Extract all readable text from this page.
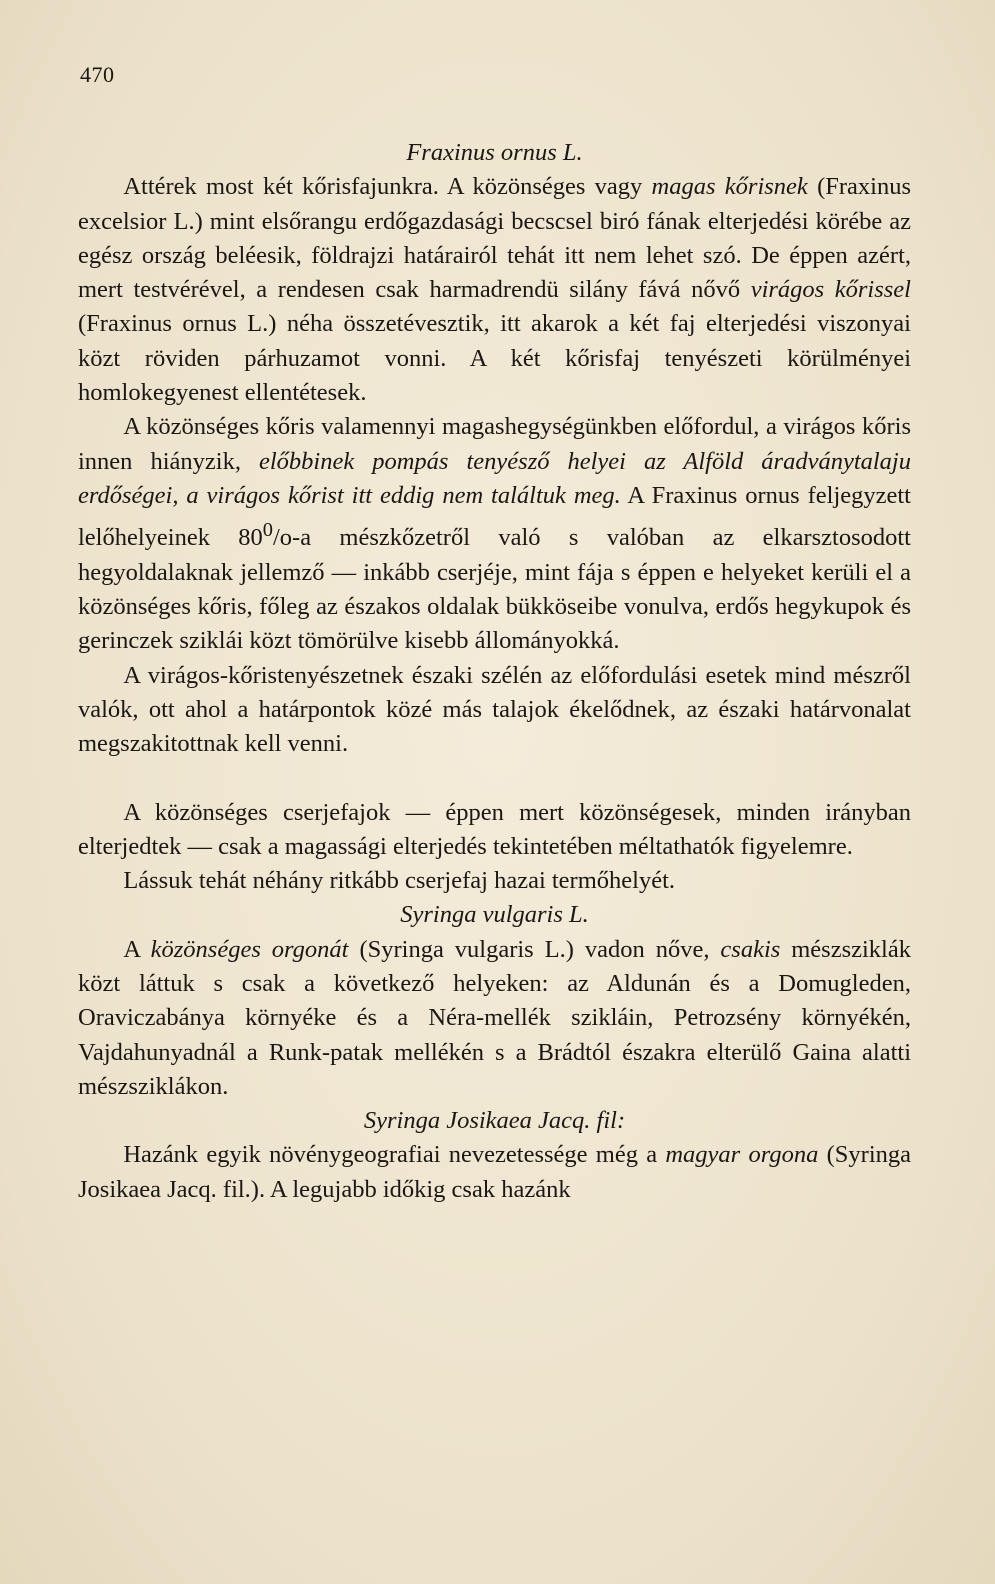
470
Fraxinus ornus L.

Attérek most két kőrisfajunkra. A közönséges vagy magas kőrisnek (Fraxinus excelsior L.) mint elsőrangu erdőgazdasági becscsel biró fának elterjedési körébe az egész ország beléesik, földrajzi határairól tehát itt nem lehet szó. De éppen azért, mert testvérével, a rendesen csak harmadrendü silány fává nővő virágos kőrissel (Fraxinus ornus L.) néha összetévesztik, itt akarok a két faj elterjedési viszonyai közt röviden párhuzamot vonni. A két kőrisfaj tenyészeti körülményei homlokegyenest ellentétesek.

A közönséges kőris valamennyi magashegységünkben előfordul, a virágos kőris innen hiányzik, előbbinek pompás tenyésző helyei az Alföld áradványtalaju erdőségei, a virágos kőrist itt eddig nem találtuk meg. A Fraxinus ornus feljegyzett lelőhelyeinek $80^0/o-a$ mészkőzetről való s valóban az elkarsztosodott hegyoldalaknak jellemző — inkább cserjéje, mint fája s éppen e helyeket kerüli el a közönséges kőris, főleg az északos oldalak bükköseibe vonulva, erdős hegykupok és gerinczek sziklái közt tömörülve kisebb állományokká.

A virágos-kőristenyészetnek északi szélén az előfordulási esetek mind mészről valók, ott ahol a határpontok közé más talajok ékelődnek, az északi határvonalat megszakitottnak kell venni.

A közönséges cserjefajok — éppen mert közönségesek, minden irányban elterjedtek — csak a magassági elterjedés tekintetében méltathatók figyelemre.

Lássuk tehát néhány ritkább cserjefaj hazai termőhelyét.

Syringa vulgaris L.

A közönséges orgonát (Syringa vulgaris L.) vadon nőve, csakis mészsziklák közt láttuk s csak a következő helyeken: az Aldunán és a Domugleden, Oraviczabánya környéke és a Néra-mellék szikláin, Petrozsény környékén, Vajdahunyadnál a Runk-patak mellékén s a Brádtól északra elterülő Gaina alatti mészsziklákon.

Syringa Josikaea Jacq. fil:

Hazánk egyik növénygeografiai nevezetessége még a magyar orgona (Syringa Josikaea Jacq. fil.). A legujabb időkig csak hazánk
